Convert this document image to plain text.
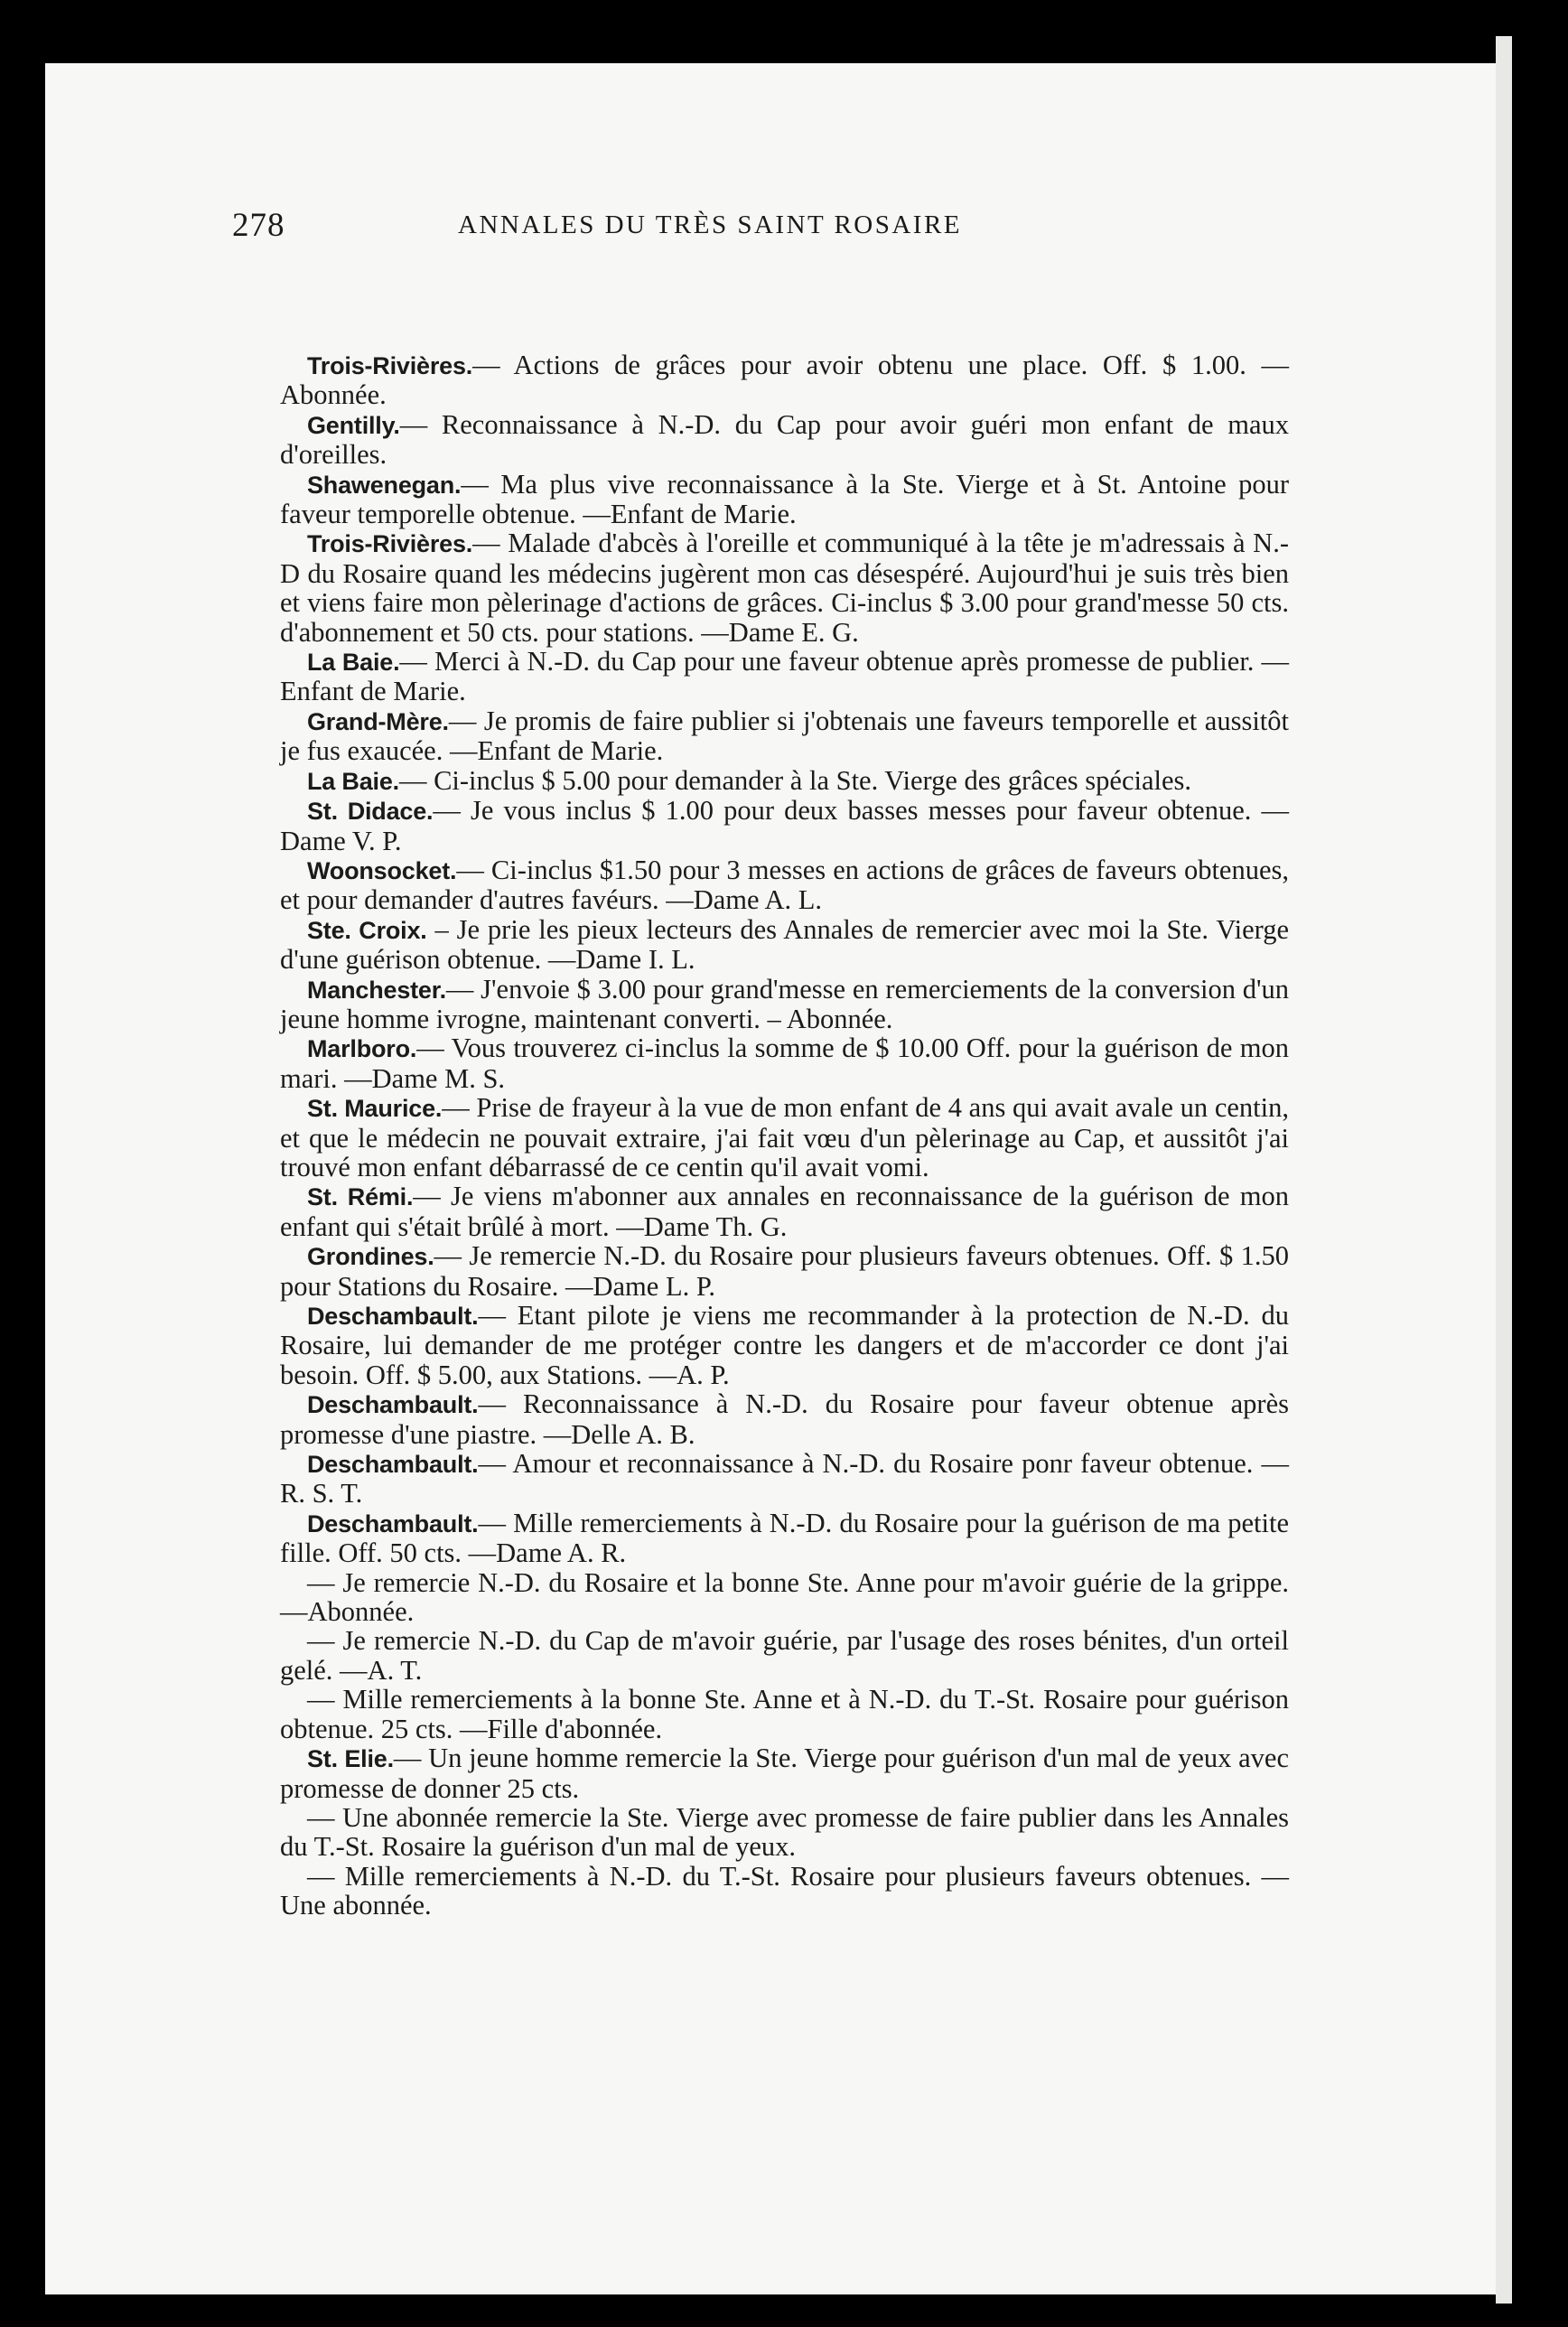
278	ANNALES DU TRÈS SAINT ROSAIRE

Trois-Rivières.— Actions de grâces pour avoir obtenu une place. Off. $ 1.00. —Abonnée.

Gentilly.— Reconnaissance à N.-D. du Cap pour avoir guéri mon enfant de maux d'oreilles.

Shawenegan.— Ma plus vive reconnaissance à la Ste. Vierge et à St. Antoine pour faveur temporelle obtenue. —Enfant de Marie.

Trois-Rivières.— Malade d'abcès à l'oreille et communiqué à la tête je m'adressais à N.-D du Rosaire quand les médecins jugèrent mon cas désespéré. Aujourd'hui je suis très bien et viens faire mon pèlerinage d'actions de grâces. Ci-inclus $ 3.00 pour grand'messe 50 cts. d'abonnement et 50 cts. pour stations. —Dame E. G.

La Baie.— Merci à N.-D. du Cap pour une faveur obtenue après promesse de publier. —Enfant de Marie.

Grand-Mère.— Je promis de faire publier si j'obtenais une faveurs temporelle et aussitôt je fus exaucée. —Enfant de Marie.

La Baie.— Ci-inclus $ 5.00 pour demander à la Ste. Vierge des grâces spéciales.

St. Didace.— Je vous inclus $ 1.00 pour deux basses messes pour faveur obtenue. —Dame V. P.

Woonsocket.— Ci-inclus $1.50 pour 3 messes en actions de grâces de faveurs obtenues, et pour demander d'autres favéurs. —Dame A. L.

Ste. Croix. – Je prie les pieux lecteurs des Annales de remercier avec moi la Ste. Vierge d'une guérison obtenue. —Dame I. L.

Manchester.— J'envoie $ 3.00 pour grand'messe en remerciements de la conversion d'un jeune homme ivrogne, maintenant converti. – Abonnée.

Marlboro.— Vous trouverez ci-inclus la somme de $ 10.00 Off. pour la guérison de mon mari. —Dame M. S.

St. Maurice.— Prise de frayeur à la vue de mon enfant de 4 ans qui avait avale un centin, et que le médecin ne pouvait extraire, j'ai fait vœu d'un pèlerinage au Cap, et aussitôt j'ai trouvé mon enfant débarrassé de ce centin qu'il avait vomi.

St. Rémi.— Je viens m'abonner aux annales en reconnaissance de la guérison de mon enfant qui s'était brûlé à mort. —Dame Th. G.

Grondines.— Je remercie N.-D. du Rosaire pour plusieurs faveurs obtenues. Off. $ 1.50 pour Stations du Rosaire. —Dame L. P.

Deschambault.— Etant pilote je viens me recommander à la protection de N.-D. du Rosaire, lui demander de me protéger contre les dangers et de m'accorder ce dont j'ai besoin. Off. $ 5.00, aux Stations. —A. P.

Deschambault.— Reconnaissance à N.-D. du Rosaire pour faveur obtenue après promesse d'une piastre. —Delle A. B.

Deschambault.— Amour et reconnaissance à N.-D. du Rosaire ponr faveur obtenue. —R. S. T.

Deschambault.— Mille remerciements à N.-D. du Rosaire pour la guérison de ma petite fille. Off. 50 cts. —Dame A. R.

— Je remercie N.-D. du Rosaire et la bonne Ste. Anne pour m'avoir guérie de la grippe. —Abonnée.

— Je remercie N.-D. du Cap de m'avoir guérie, par l'usage des roses bénites, d'un orteil gelé. —A. T.

— Mille remerciements à la bonne Ste. Anne et à N.-D. du T.-St. Rosaire pour guérison obtenue. 25 cts. —Fille d'abonnée.

St. Elie.— Un jeune homme remercie la Ste. Vierge pour guérison d'un mal de yeux avec promesse de donner 25 cts.

— Une abonnée remercie la Ste. Vierge avec promesse de faire publier dans les Annales du T.-St. Rosaire la guérison d'un mal de yeux.

— Mille remerciements à N.-D. du T.-St. Rosaire pour plusieurs faveurs obtenues. —Une abonnée.
